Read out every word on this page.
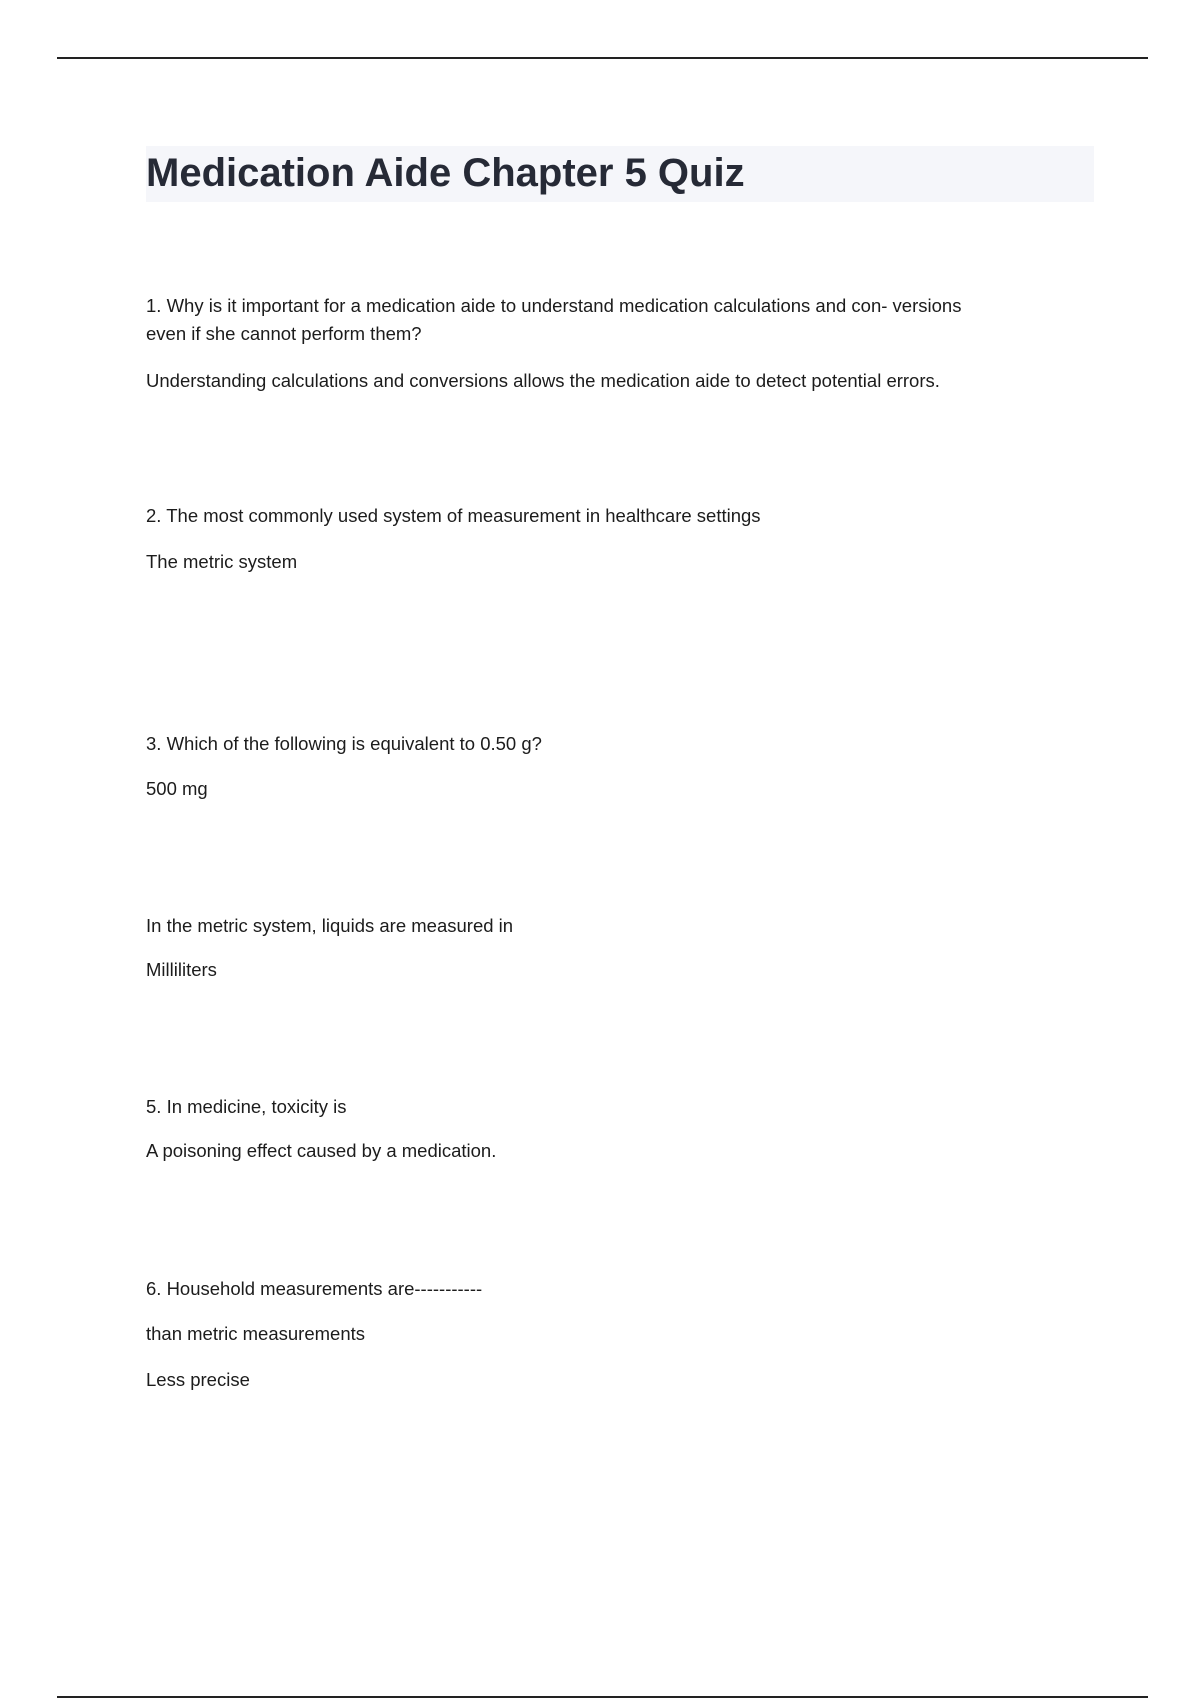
Medication Aide Chapter 5 Quiz
1. Why is it important for a medication aide to understand medication calculations and con- versions
even if she cannot perform them?
Understanding calculations and conversions allows the medication aide to detect potential errors.
2. The most commonly used system of measurement in healthcare settings
The metric system
3. Which of the following is equivalent to 0.50 g?
500 mg
In the metric system, liquids are measured in
Milliliters
5. In medicine, toxicity is
A poisoning effect caused by a medication.
6. Household measurements are-----------
than metric measurements
Less precise
